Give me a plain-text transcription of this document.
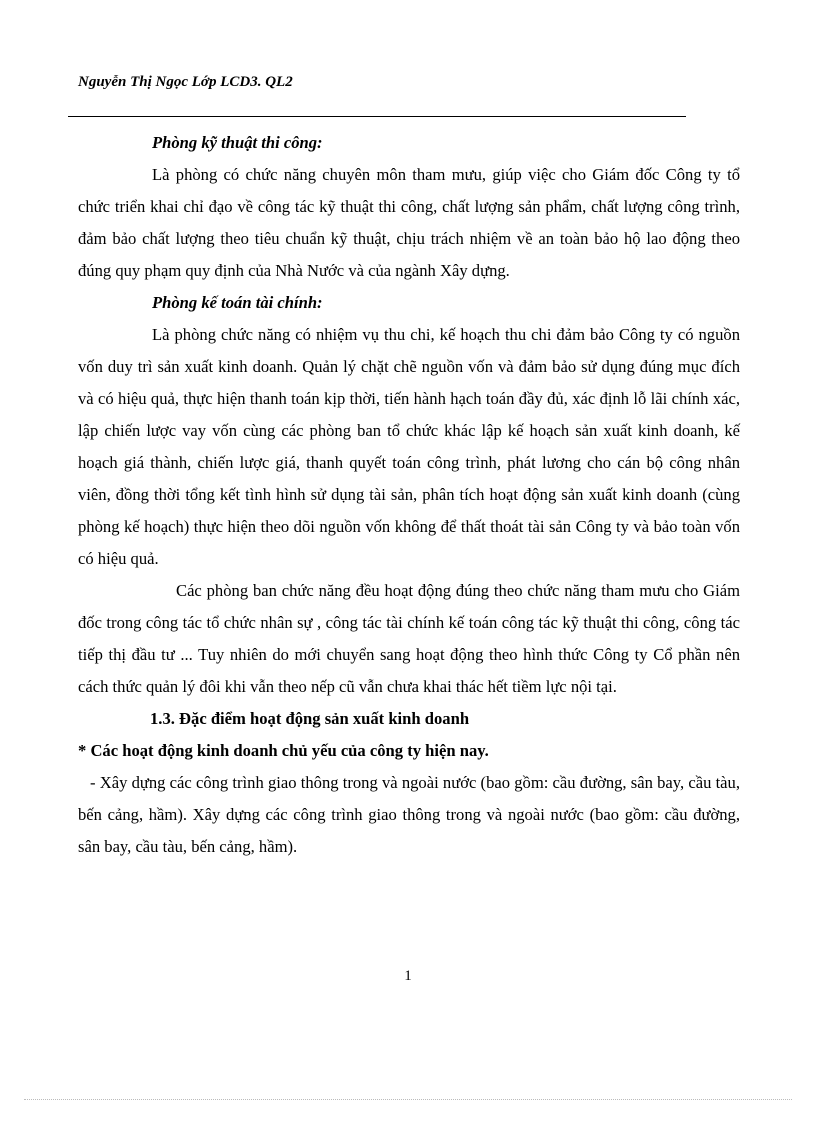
Nguyễn Thị Ngọc Lớp LCD3. QL2

Phòng kỹ thuật thi công:

Là phòng có chức năng chuyên môn tham mưu, giúp việc cho Giám đốc Công ty tổ chức triển khai chỉ đạo về công tác kỹ thuật thi công, chất lượng sản phẩm, chất lượng công trình, đảm bảo chất lượng theo tiêu chuẩn kỹ thuật, chịu trách nhiệm về an toàn bảo hộ lao động theo đúng quy phạm quy định của Nhà Nước và của ngành Xây dựng.

Phòng kế toán tài chính:

Là phòng chức năng có nhiệm vụ thu chi, kế hoạch thu chi đảm bảo Công ty có nguồn vốn duy trì sản xuất kinh doanh. Quản lý chặt chẽ nguồn vốn và đảm bảo sử dụng đúng mục đích và có hiệu quả, thực hiện thanh toán kịp thời, tiến hành hạch toán đầy đủ, xác định lỗ lãi chính xác, lập chiến lược vay vốn cùng các phòng ban tổ chức khác lập kế hoạch sản xuất kinh doanh, kế hoạch giá thành, chiến lược giá, thanh quyết toán công trình, phát lương cho cán bộ công nhân viên, đồng thời tổng kết tình hình sử dụng tài sản, phân tích hoạt động sản xuất kinh doanh (cùng phòng kế hoạch) thực hiện theo dõi nguồn vốn không để thất thoát tài sản Công ty và bảo toàn vốn có hiệu quả.

Các phòng ban chức năng đều hoạt động đúng theo chức năng tham mưu cho Giám đốc trong công tác tổ chức nhân sự , công tác tài chính kế toán công tác kỹ thuật thi công, công tác tiếp thị đầu tư ... Tuy nhiên do mới chuyển sang hoạt động theo hình thức Công ty Cổ phần nên cách thức quản lý đôi khi vẫn theo nếp cũ vẫn chưa khai thác hết tiềm lực nội tại.

1.3. Đặc điểm hoạt động sản xuất kinh doanh

* Các hoạt động kinh doanh chủ yếu của công ty hiện nay.

- Xây dựng các công trình giao thông trong và ngoài nước (bao gồm: cầu đường, sân bay, cầu tàu, bến cảng, hầm). Xây dựng các công trình giao thông trong và ngoài nước (bao gồm: cầu đường, sân bay, cầu tàu, bến cảng, hầm).

1
